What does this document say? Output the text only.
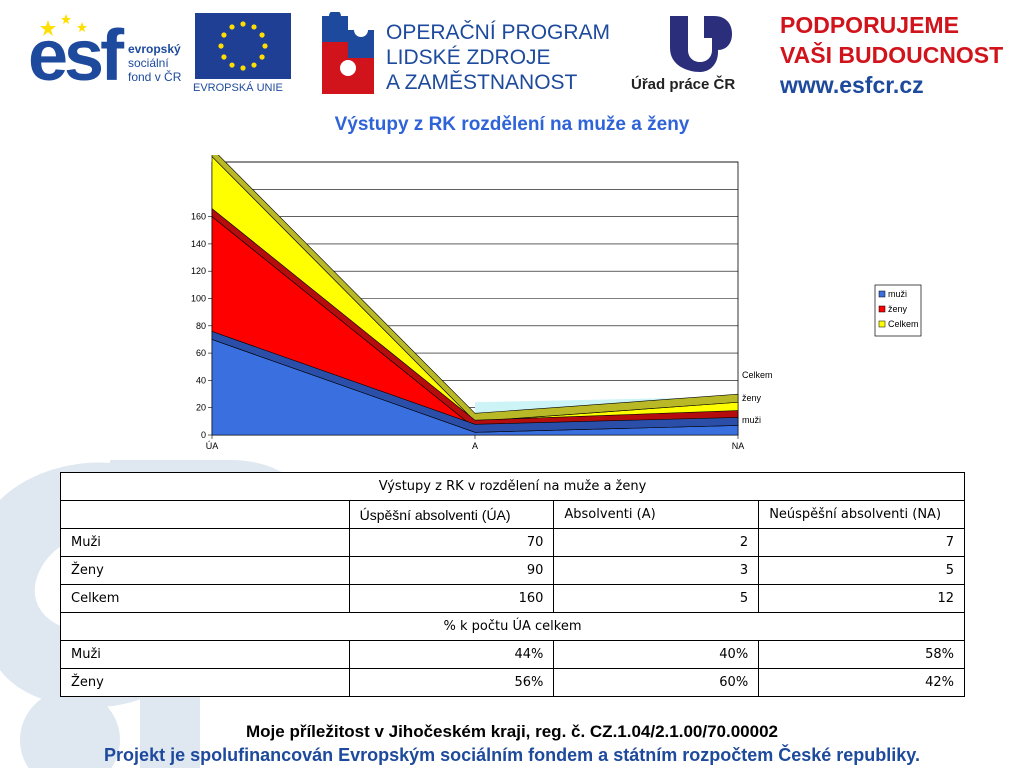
esf evropský
sociální
fond v ČR
EVROPSKÁ UNIE
OPERAČNÍ PROGRAM
LIDSKÉ ZDROJE
A ZAMĚSTNANOST	Úřad práce ČR
PODPORUJEME
VAŠI BUDOUCNOST
www.esfcr.cz
Výstupy z RK rozdělení na muže a ženy
0
20
40
60
80
100
120
140
160
ÚA	A	NA
Celkem
ženy
muži
muži
ženy
Celkem
Výstupy z RK v rozdělení na muže a ženy			
	Úspěšní absolventi (ÚA)	Absolventi (A)	Neúspěšní absolventi (NA)
Muži	70	2	7
Ženy	90	3	5
Celkem	160	5	12
% k počtu ÚA celkem			
Muži	44%	40%	58%
Ženy	56%	60%	42%
Moje příležitost v Jihočeském kraji, reg. č. CZ.1.04/2.1.00/70.00002
Projekt je spolufinancován Evropským sociálním fondem a státním rozpočtem České republiky.
